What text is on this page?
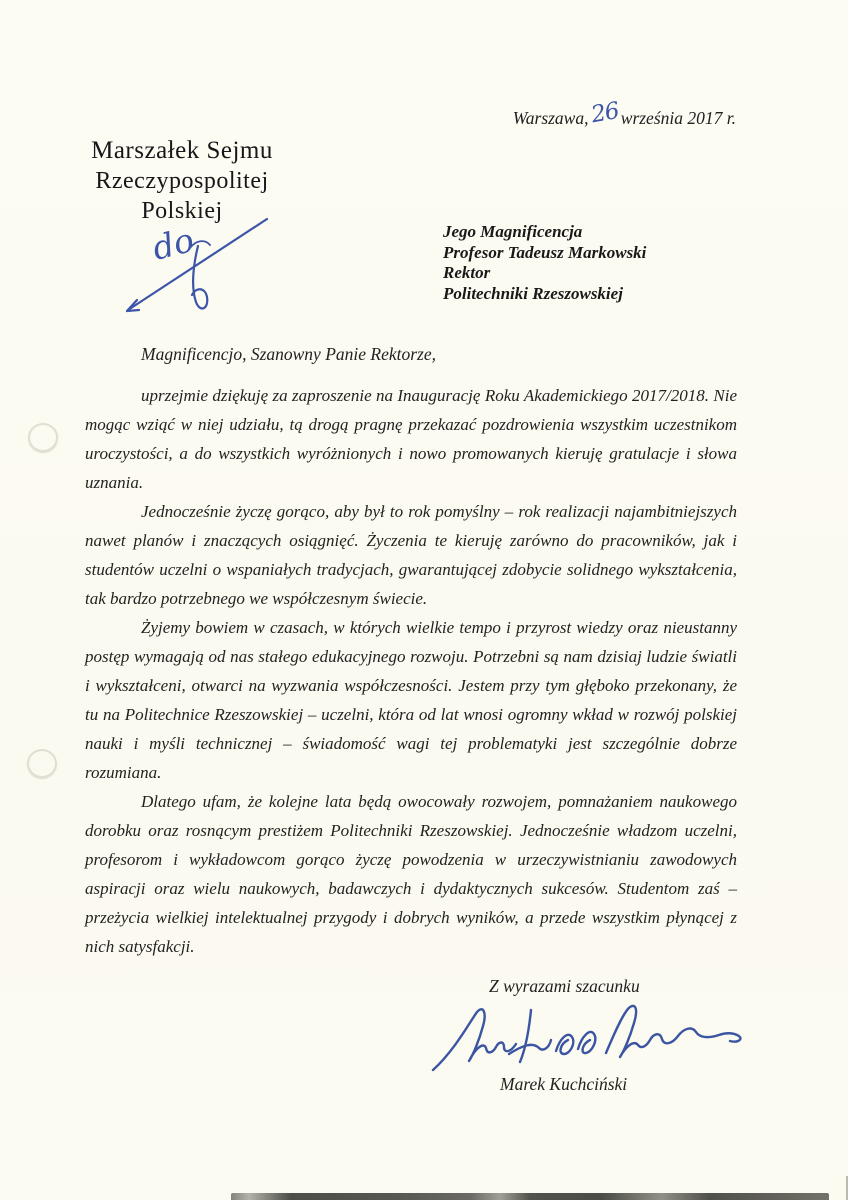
Marszałek Sejmu
Rzeczypospolitej Polskiej
Warszawa,26września 2017 r.
do	Jego Magnificencja
Profesor Tadeusz Markowski
Rektor
Politechniki Rzeszowskiej
Magnificencjo, Szanowny Panie Rektorze,

uprzejmie dziękuję za zaproszenie na Inaugurację Roku Akademickiego 2017/2018. Nie mogąc wziąć w niej udziału, tą drogą pragnę przekazać pozdrowienia wszystkim uczestnikom uroczystości, a do wszystkich wyróżnionych i nowo promowanych kieruję gratulacje i słowa uznania.

Jednocześnie życzę gorąco, aby był to rok pomyślny – rok realizacji najambitniejszych nawet planów i znaczących osiągnięć. Życzenia te kieruję zarówno do pracowników, jak i studentów uczelni o wspaniałych tradycjach, gwarantującej zdobycie solidnego wykształcenia, tak bardzo potrzebnego we współczesnym świecie.

Żyjemy bowiem w czasach, w których wielkie tempo i przyrost wiedzy oraz nieustanny postęp wymagają od nas stałego edukacyjnego rozwoju. Potrzebni są nam dzisiaj ludzie światli i wykształceni, otwarci na wyzwania współczesności. Jestem przy tym głęboko przekonany, że tu na Politechnice Rzeszowskiej – uczelni, która od lat wnosi ogromny wkład w rozwój polskiej nauki i myśli technicznej – świadomość wagi tej problematyki jest szczególnie dobrze rozumiana.

Dlatego ufam, że kolejne lata będą owocowały rozwojem, pomnażaniem naukowego dorobku oraz rosnącym prestiżem Politechniki Rzeszowskiej. Jednocześnie władzom uczelni, profesorom i wykładowcom gorąco życzę powodzenia w urzeczywistnianiu zawodowych aspiracji oraz wielu naukowych, badawczych i dydaktycznych sukcesów. Studentom zaś – przeżycia wielkiej intelektualnej przygody i dobrych wyników, a przede wszystkim płynącej z nich satysfakcji.

Z wyrazami szacunku
Marek Kuchciński
